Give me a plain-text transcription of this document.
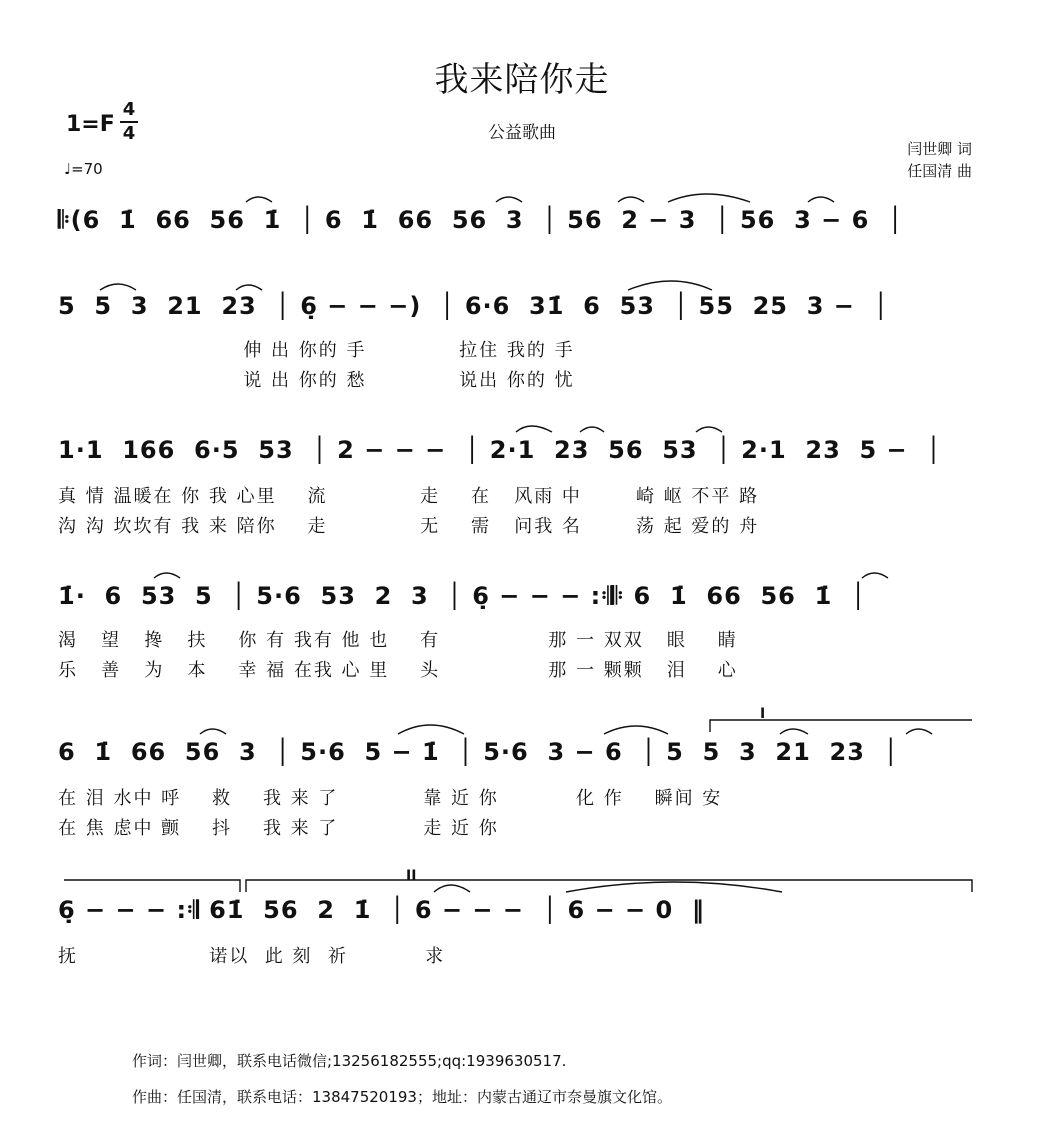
我来陪你走
公益歌曲
1=F
4
4
♩=70
闫世卿 词
任国清 曲
𝄆(6  1̇  66  56  1̇  │ 6  1̇  66  56  3  │ 56  2 − 3  │ 56  3 − 6  │
5  5  3  21  23  │ 6̣ − − −)  │ 6·6  31̇  6  53  │ 55  25  3 −  │
伸 出 你的 手            拉住 我的 手
说 出 你的 愁            说出 你的 忧
1·1  166  6·5  53  │ 2 − − −  │ 2·1  23  56  53  │ 2·1  23  5 −  │
真 情 温暖在 你 我 心里    流            走    在   风雨 中       崎 岖 不平 路
沟 沟 坎坎有 我 来 陪你    走            无    需   问我 名       荡 起 爱的 舟
1̇·  6  53  5  │ 5·6  53  2  3  │ 6̣ − − − :𝄇𝄆 6  1̇  66  56  1̇  │
渴   望   搀   扶    你 有 我有 他 也    有              那 一 双双   眼    睛
乐   善   为   本    幸 福 在我 心 里    头              那 一 颗颗   泪    心
6  1̇  66  56  3  │ 5·6  5 − 1̇  │ 5·6  3 − 6  │ 5  5  3  21  23  │
在 泪 水中 呼    救    我 来 了           靠 近 你          化 作    瞬间 安
在 焦 虑中 颤    抖    我 来 了           走 近 你
I
6̣ − − − :𝄇 61̇  56  2  1̇  │ 6 − − −  │ 6 − − 0  ‖
抚                 诺以  此 刻  祈          求
II
作词：闫世卿，联系电话微信;13256182555;qq:1939630517.
作曲：任国清，联系电话：13847520193；地址：内蒙古通辽市奈曼旗文化馆。
